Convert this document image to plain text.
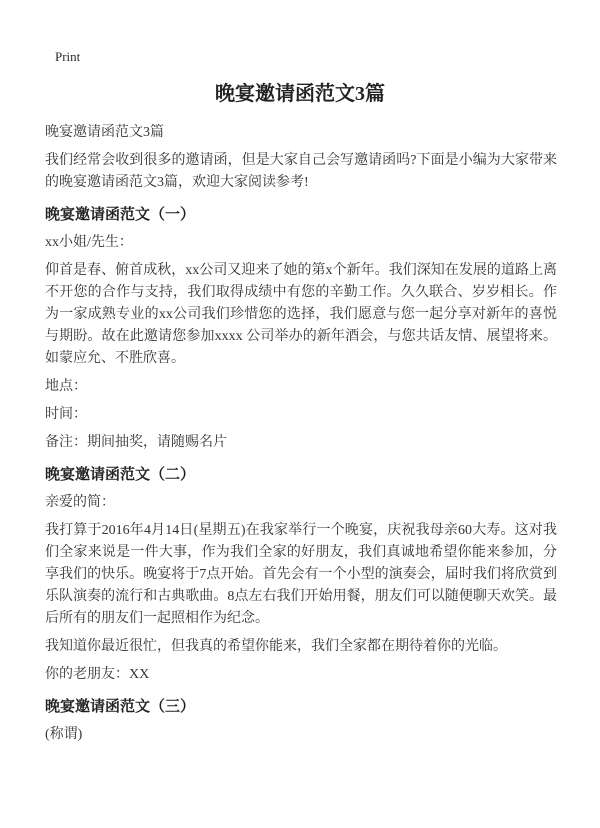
Print
晚宴邀请函范文3篇

晚宴邀请函范文3篇

我们经常会收到很多的邀请函，但是大家自己会写邀请函吗?下面是小编为大家带来的晚宴邀请函范文3篇，欢迎大家阅读参考!

晚宴邀请函范文（一）

xx小姐/先生：

仰首是春、俯首成秋，xx公司又迎来了她的第x个新年。我们深知在发展的道路上离不开您的合作与支持，我们取得成绩中有您的辛勤工作。久久联合、岁岁相长。作为一家成熟专业的xx公司我们珍惜您的选择，我们愿意与您一起分享对新年的喜悦与期盼。故在此邀请您参加xxxx 公司举办的新年酒会，与您共话友情、展望将来。如蒙应允、不胜欣喜。

地点：

时间：

备注：期间抽奖，请随赐名片

晚宴邀请函范文（二）

亲爱的简：

我打算于2016年4月14日(星期五)在我家举行一个晚宴，庆祝我母亲60大寿。这对我们全家来说是一件大事，作为我们全家的好朋友，我们真诚地希望你能来参加，分享我们的快乐。晚宴将于7点开始。首先会有一个小型的演奏会，届时我们将欣赏到乐队演奏的流行和古典歌曲。8点左右我们开始用餐，朋友们可以随便聊天欢笑。最后所有的朋友们一起照相作为纪念。

我知道你最近很忙，但我真的希望你能来，我们全家都在期待着你的光临。

你的老朋友：XX

晚宴邀请函范文（三）

(称谓)
